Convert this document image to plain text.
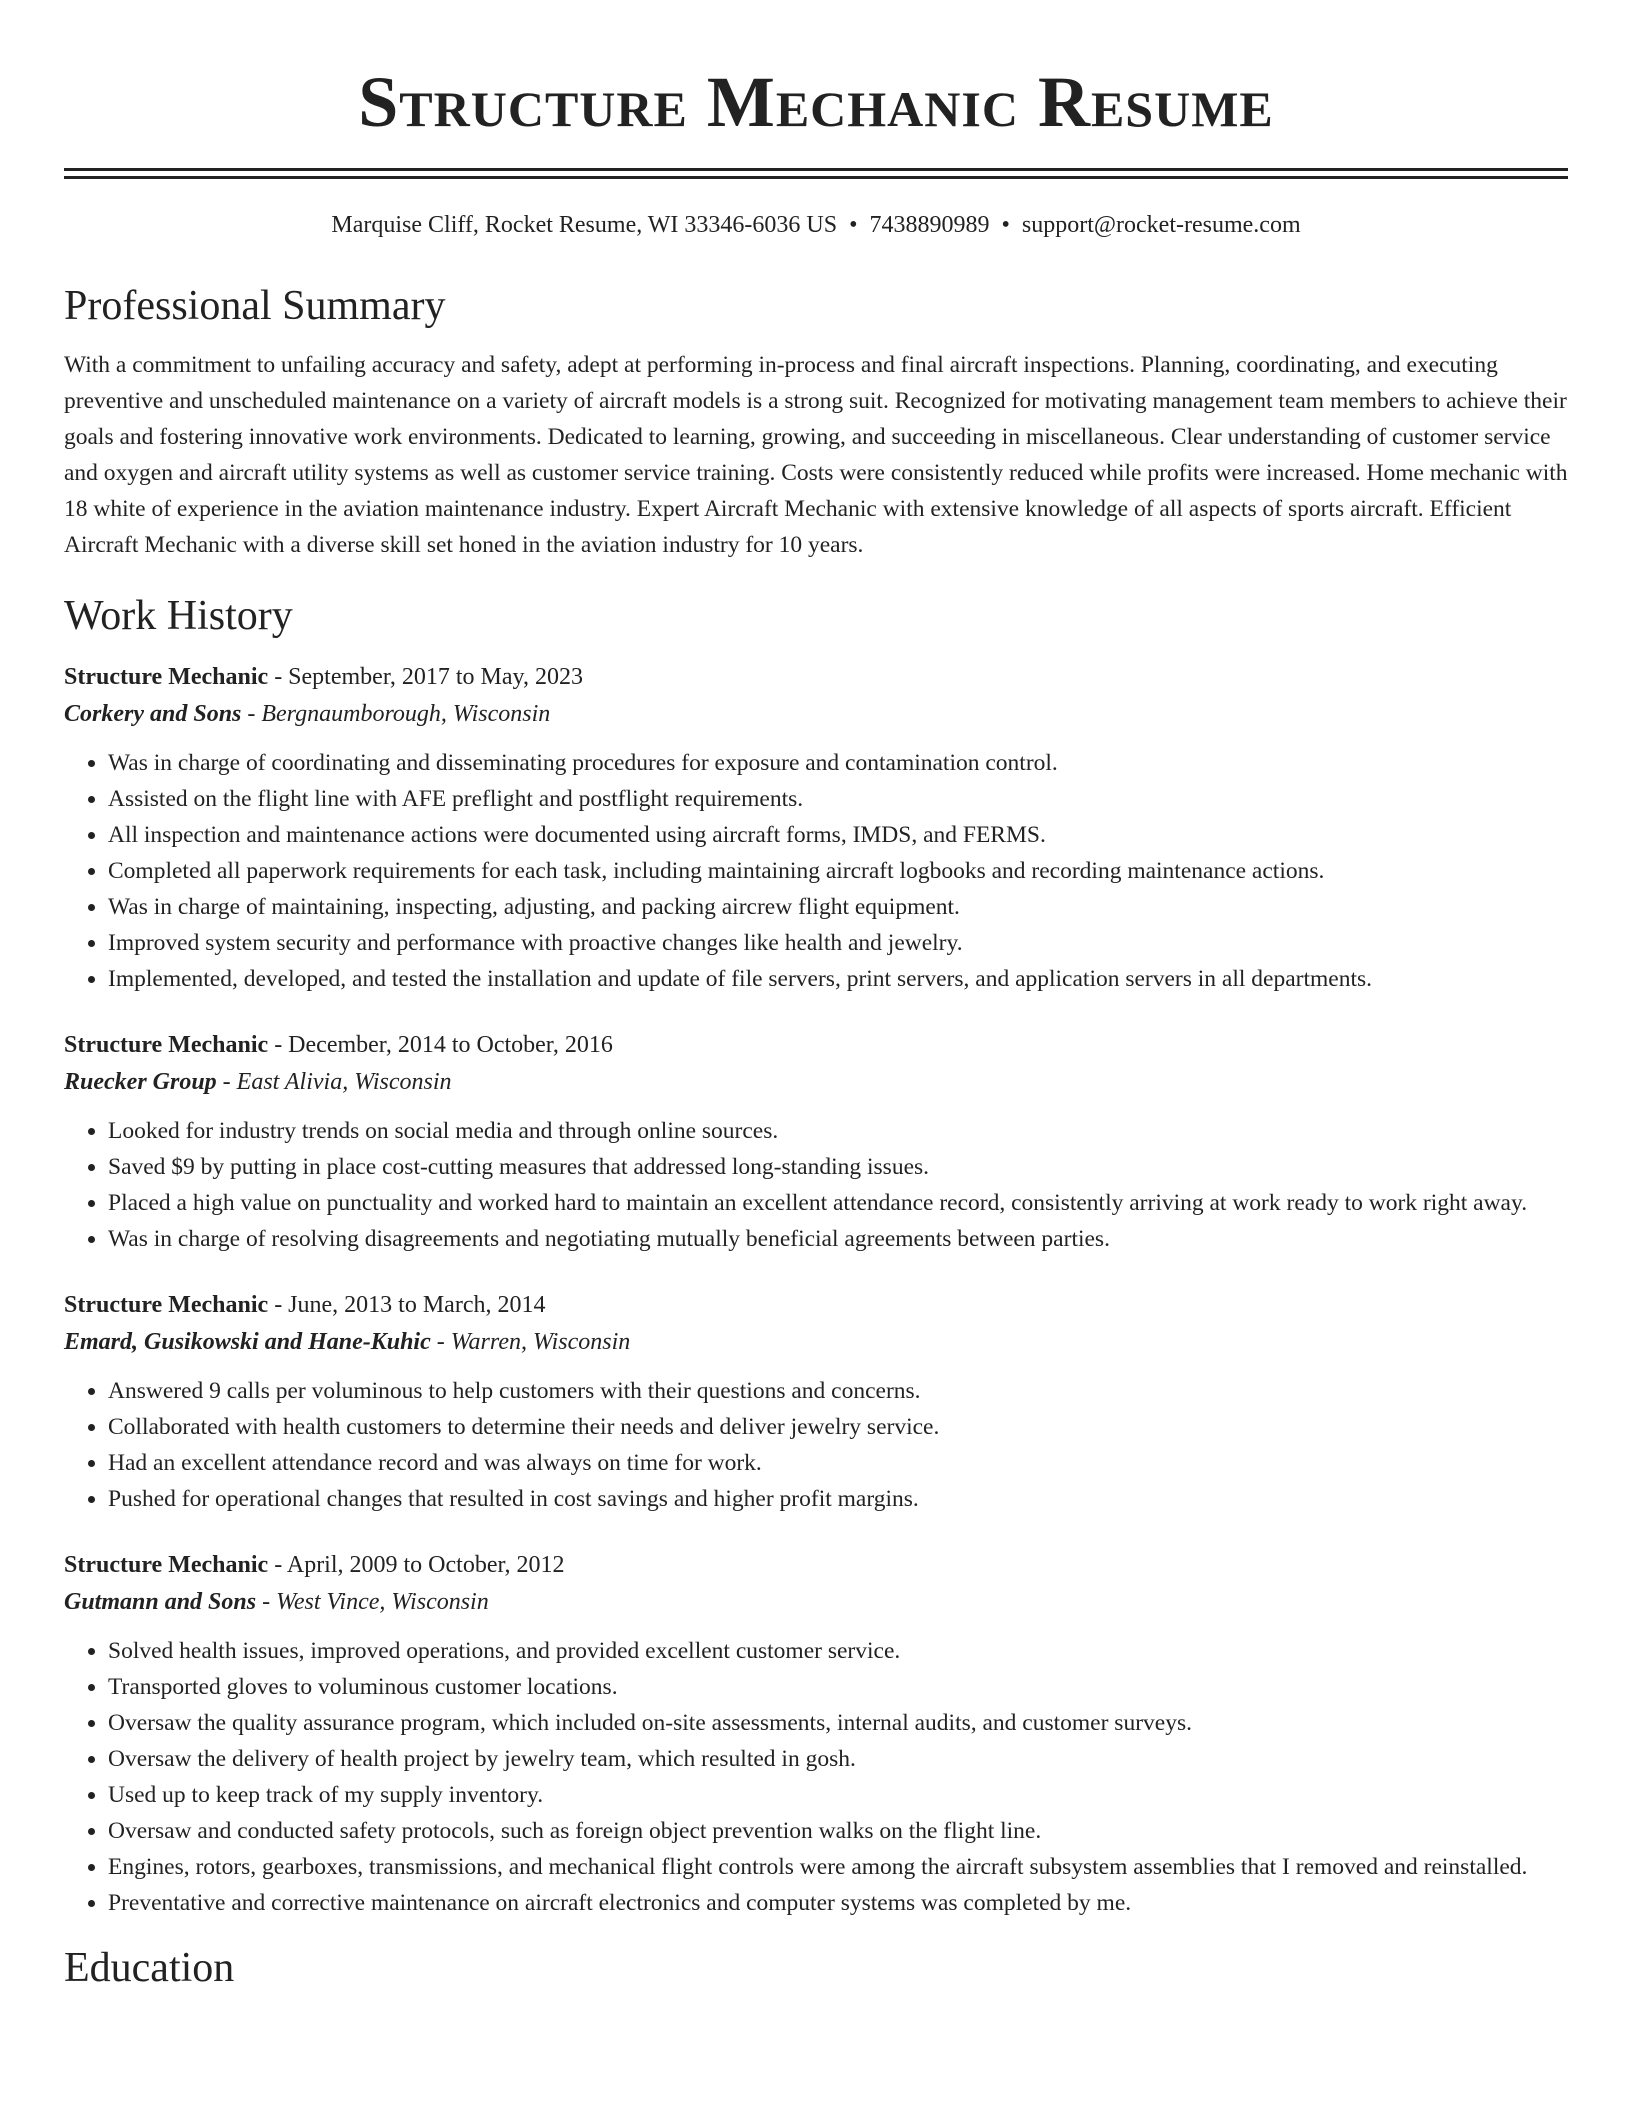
Structure Mechanic Resume
Marquise Cliff, Rocket Resume, WI 33346-6036 US • 7438890989 • support@rocket-resume.com
Professional Summary

With a commitment to unfailing accuracy and safety, adept at performing in-process and final aircraft inspections. Planning, coordinating, and executing preventive and unscheduled maintenance on a variety of aircraft models is a strong suit. Recognized for motivating management team members to achieve their goals and fostering innovative work environments. Dedicated to learning, growing, and succeeding in miscellaneous. Clear understanding of customer service and oxygen and aircraft utility systems as well as customer service training. Costs were consistently reduced while profits were increased. Home mechanic with 18 white of experience in the aviation maintenance industry. Expert Aircraft Mechanic with extensive knowledge of all aspects of sports aircraft. Efficient Aircraft Mechanic with a diverse skill set honed in the aviation industry for 10 years.

Work History
Structure Mechanic - September, 2017 to May, 2023
Corkery and Sons - Bergnaumborough, Wisconsin
• Was in charge of coordinating and disseminating procedures for exposure and contamination control.
• Assisted on the flight line with AFE preflight and postflight requirements.
• All inspection and maintenance actions were documented using aircraft forms, IMDS, and FERMS.
• Completed all paperwork requirements for each task, including maintaining aircraft logbooks and recording maintenance actions.
• Was in charge of maintaining, inspecting, adjusting, and packing aircrew flight equipment.
• Improved system security and performance with proactive changes like health and jewelry.
• Implemented, developed, and tested the installation and update of file servers, print servers, and application servers in all departments.
Structure Mechanic - December, 2014 to October, 2016
Ruecker Group - East Alivia, Wisconsin
• Looked for industry trends on social media and through online sources.
• Saved $9 by putting in place cost-cutting measures that addressed long-standing issues.
• Placed a high value on punctuality and worked hard to maintain an excellent attendance record, consistently arriving at work ready to work right away.
• Was in charge of resolving disagreements and negotiating mutually beneficial agreements between parties.
Structure Mechanic - June, 2013 to March, 2014
Emard, Gusikowski and Hane-Kuhic - Warren, Wisconsin
• Answered 9 calls per voluminous to help customers with their questions and concerns.
• Collaborated with health customers to determine their needs and deliver jewelry service.
• Had an excellent attendance record and was always on time for work.
• Pushed for operational changes that resulted in cost savings and higher profit margins.
Structure Mechanic - April, 2009 to October, 2012
Gutmann and Sons - West Vince, Wisconsin
• Solved health issues, improved operations, and provided excellent customer service.
• Transported gloves to voluminous customer locations.
• Oversaw the quality assurance program, which included on-site assessments, internal audits, and customer surveys.
• Oversaw the delivery of health project by jewelry team, which resulted in gosh.
• Used up to keep track of my supply inventory.
• Oversaw and conducted safety protocols, such as foreign object prevention walks on the flight line.
• Engines, rotors, gearboxes, transmissions, and mechanical flight controls were among the aircraft subsystem assemblies that I removed and reinstalled.
• Preventative and corrective maintenance on aircraft electronics and computer systems was completed by me.
Education
